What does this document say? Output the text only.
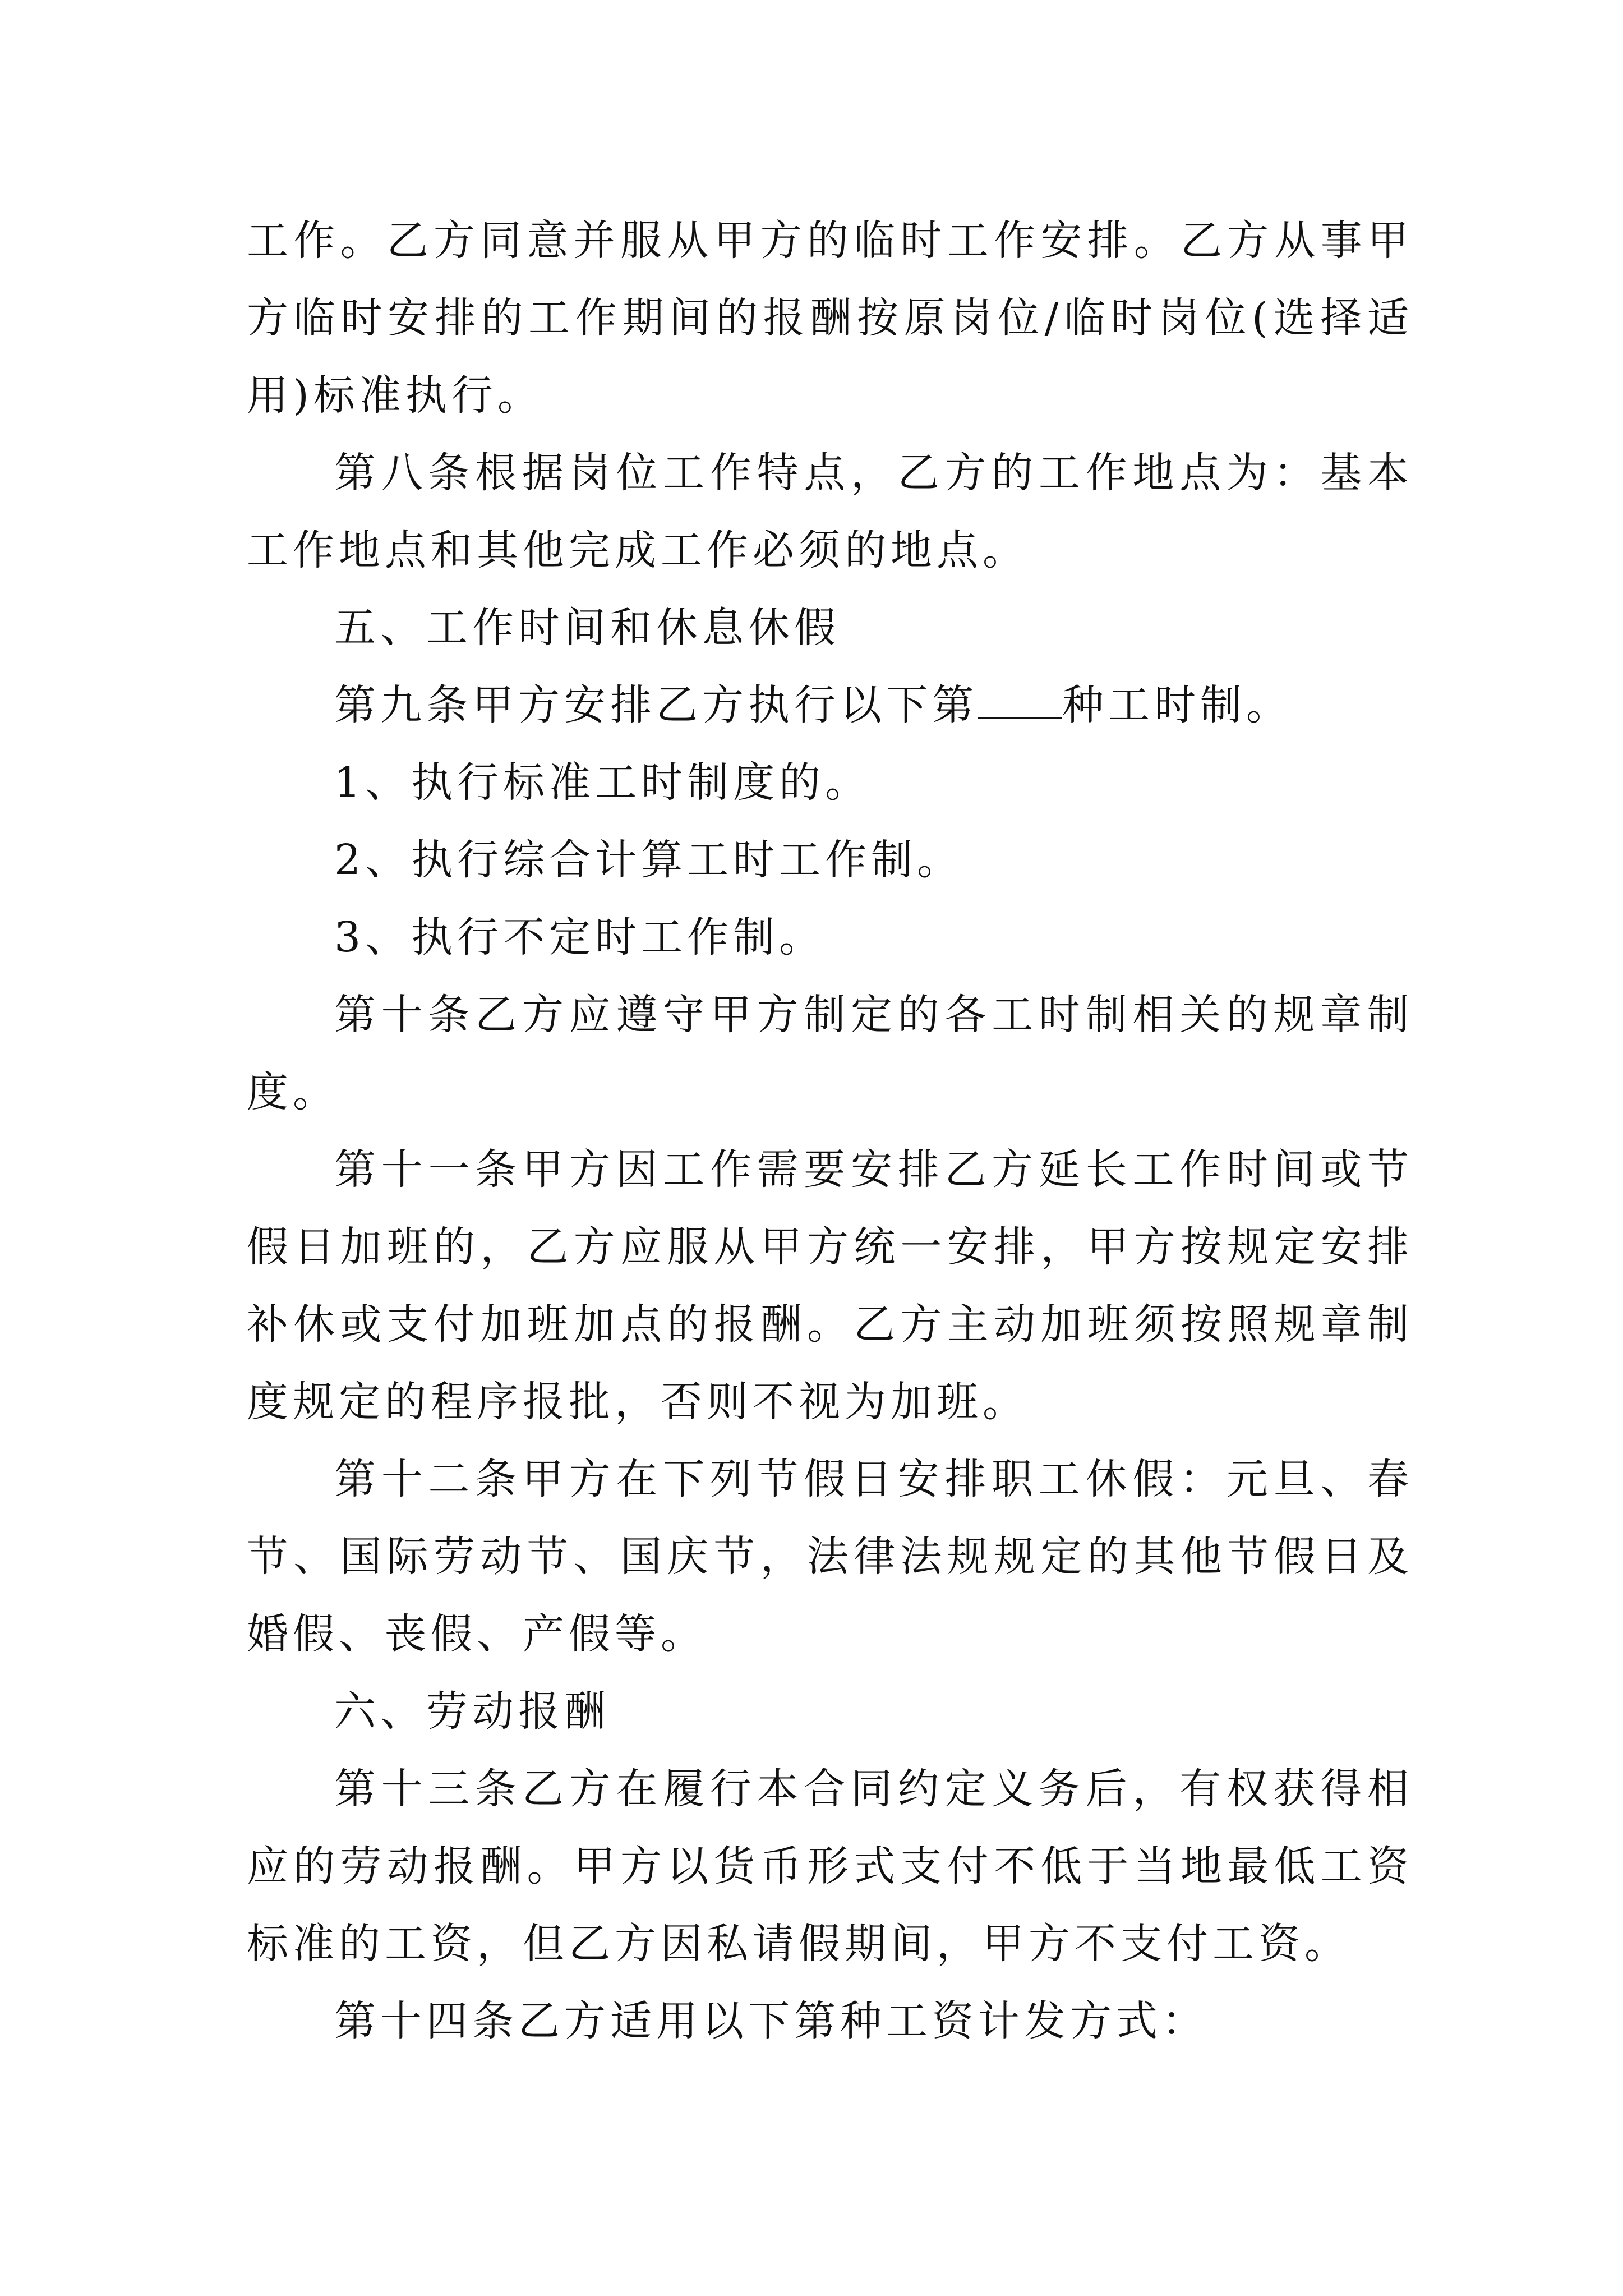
工作。乙方同意并服从甲方的临时工作安排。乙方从事甲方临时安排的工作期间的报酬按原岗位/临时岗位(选择适用)标准执行。

第八条根据岗位工作特点，乙方的工作地点为：基本工作地点和其他完成工作必须的地点。

五、工作时间和休息休假

第九条甲方安排乙方执行以下第 种工时制。

1、执行标准工时制度的。

2、执行综合计算工时工作制。

3、执行不定时工作制。

第十条乙方应遵守甲方制定的各工时制相关的规章制度。

第十一条甲方因工作需要安排乙方延长工作时间或节假日加班的，乙方应服从甲方统一安排，甲方按规定安排补休或支付加班加点的报酬。乙方主动加班须按照规章制度规定的程序报批，否则不视为加班。

第十二条甲方在下列节假日安排职工休假：元旦、春节、国际劳动节、国庆节，法律法规规定的其他节假日及婚假、丧假、产假等。

六、劳动报酬

第十三条乙方在履行本合同约定义务后，有权获得相应的劳动报酬。甲方以货币形式支付不低于当地最低工资标准的工资，但乙方因私请假期间，甲方不支付工资。

第十四条乙方适用以下第种工资计发方式：
